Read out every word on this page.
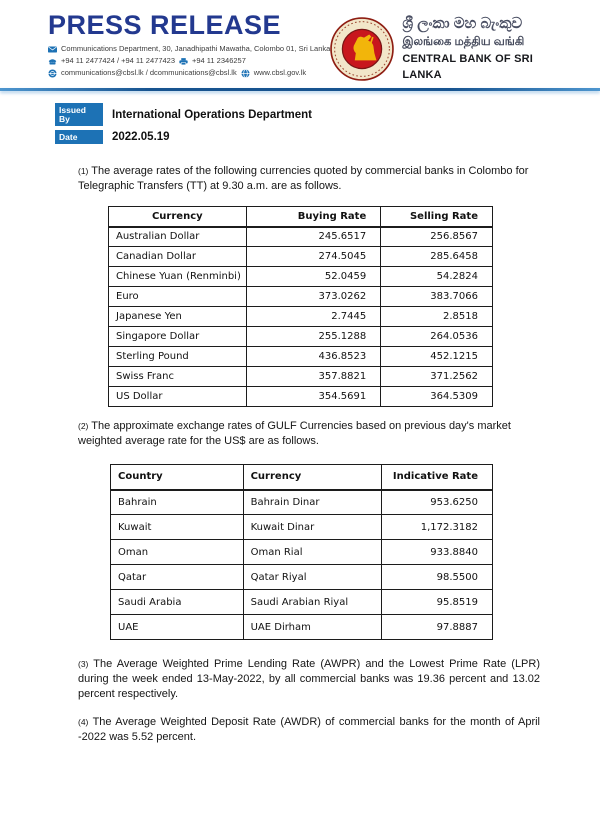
PRESS RELEASE
Communications Department, 30, Janadhipathi Mawatha, Colombo 01, Sri Lanka
+94 11 2477424 / +94 11 2477423 +94 11 2346257
communications@cbsl.lk / dcommunications@cbsl.lk www.cbsl.gov.lk
ශ්‍රී ලංකා මහ බැංකුව
இலங்கை மத்திய வங்கி
CENTRAL BANK OF SRI LANKA
Issued By	International Operations Department
Date	2022.05.19

(1) The average rates of the following currencies quoted by commercial banks in Colombo for Telegraphic Transfers (TT) at 9.30 a.m. are as follows.

Currency	Buying Rate	Selling Rate
Australian Dollar	245.6517	256.8567
Canadian Dollar	274.5045	285.6458
Chinese Yuan (Renminbi)	52.0459	54.2824
Euro	373.0262	383.7066
Japanese Yen	2.7445	2.8518
Singapore Dollar	255.1288	264.0536
Sterling Pound	436.8523	452.1215
Swiss Franc	357.8821	371.2562
US Dollar	354.5691	364.5309

(2) The approximate exchange rates of GULF Currencies based on previous day's market weighted average rate for the US$ are as follows.

Country	Currency	Indicative Rate
Bahrain	Bahrain Dinar	953.6250
Kuwait	Kuwait Dinar	1,172.3182
Oman	Oman Rial	933.8840
Qatar	Qatar Riyal	98.5500
Saudi Arabia	Saudi Arabian Riyal	95.8519
UAE	UAE Dirham	97.8887

(3) The Average Weighted Prime Lending Rate (AWPR) and the Lowest Prime Rate (LPR) during the week ended 13-May-2022, by all commercial banks was 19.36 percent and 13.02 percent respectively.

(4) The Average Weighted Deposit Rate (AWDR) of commercial banks for the month of April -2022 was 5.52 percent.
